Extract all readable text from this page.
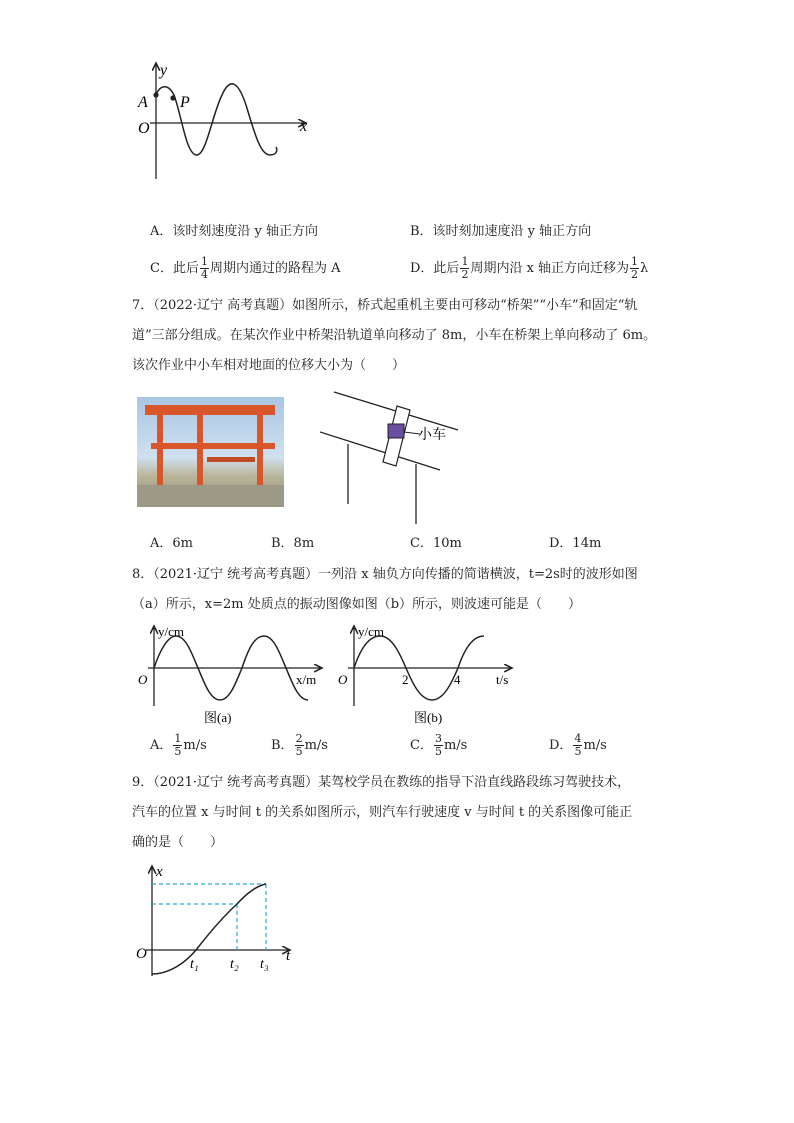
y
x
O
A P
A．该时刻速度沿 y 轴正方向	B．该时刻加速度沿 y 轴正方向
C．此后 $\frac{1}{4}$ 周期内通过的路程为 A	D．此后 $\frac{1}{2}$ 周期内沿 x 轴正方向迁移为 $\frac{1}{2}$ λ
7．（2022·辽宁 高考真题）如图所示，桥式起重机主要由可移动“桥架”“小车”和固定“轨
道”三部分组成。在某次作业中桥架沿轨道单向移动了 8m，小车在桥架上单向移动了 6m。
该次作业中小车相对地面的位移大小为（　　）
小车
A．6m	B．8m	C．10m	D．14m
8．（2021·辽宁 统考高考真题）一列沿 x 轴负方向传播的简谐横波，t=2s时的波形如图
（a）所示，x=2m 处质点的振动图像如图（b）所示，则波速可能是（　　）
y/cm
x/m
O
图(a)
y/cm
t/s
O	2	4
图(b)
A． $\frac{1}{5} m/s$	B． $\frac{2}{5} m/s$	C． $\frac{3}{5} m/s$	D． $\frac{4}{5} m/s$
9．（2021·辽宁 统考高考真题）某驾校学员在教练的指导下沿直线路段练习驾驶技术，
汽车的位置 x 与时间 t 的关系如图所示，则汽车行驶速度 v 与时间 t 的关系图像可能正
确的是（　　）
x
t
O
t₁ t₂ t₃
